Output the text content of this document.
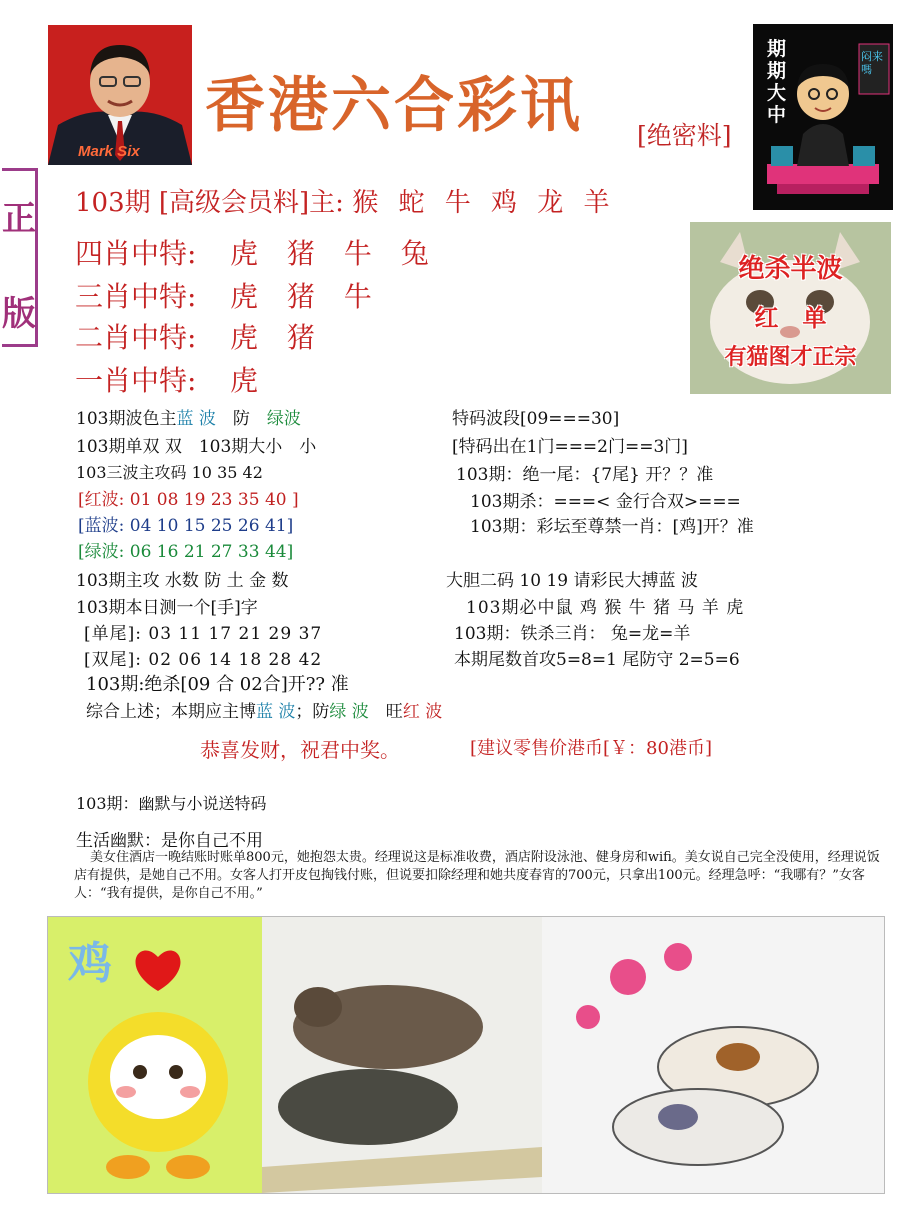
Mark Six
香港六合彩讯 [绝密料]
期期大中
闷来嗎
正
版
103期 [高级会员料]主: 猴 蛇 牛 鸡 龙 羊
四肖中特: 虎 猪 牛 兔
三肖中特: 虎 猪 牛
二肖中特: 虎 猪
一肖中特: 虎
绝杀半波
红　单
有猫图才正宗
103期波色主蓝 波　 防　 绿波
103期单双 双　103期大小　小
103三波主攻码 10 35 42
[红波: 01 08 19 23 35 40 ]
[蓝波: 04 10 15 25 26 41]
[绿波: 06 16 21 27 33 44]
103期主攻 水数 防 土 金 数
103期本日测一个[手]字
[单尾]: 03 11 17 21 29 37
[双尾]: 02 06 14 18 28 42
103期:绝杀[09 合 02合]开?? 准
综合上述；本期应主博蓝 波；防绿 波　旺红 波
特码波段[09===30]
[特码出在1门===2门==3门]
103期：绝一尾：{7尾} 开？？准
103期杀：===< 金行合双>===
103期：彩坛至尊禁一肖：[鸡]开？准
大胆二码 10 19 请彩民大搏蓝 波
103期必中鼠 鸡 猴 牛 猪 马 羊 虎
103期：铁杀三肖： 兔=龙=羊
本期尾数首攻5=8=1 尾防守 2=5=6
恭喜发财，祝君中奖。	[建议零售价港币[￥：80港币]
103期：幽默与小说送特码
生活幽默：是你自己不用
美女住酒店一晚结账时账单800元，她抱怨太贵。经理说这是标准收费，酒店附设泳池、健身房和wifi。美女说自己完全没使用，经理说饭店有提供，是她自己不用。女客人打开皮包掏钱付账，但说要扣除经理和她共度春宵的700元，只拿出100元。经理急呼：“我哪有？”女客人：“我有提供，是你自己不用。”
鸡
